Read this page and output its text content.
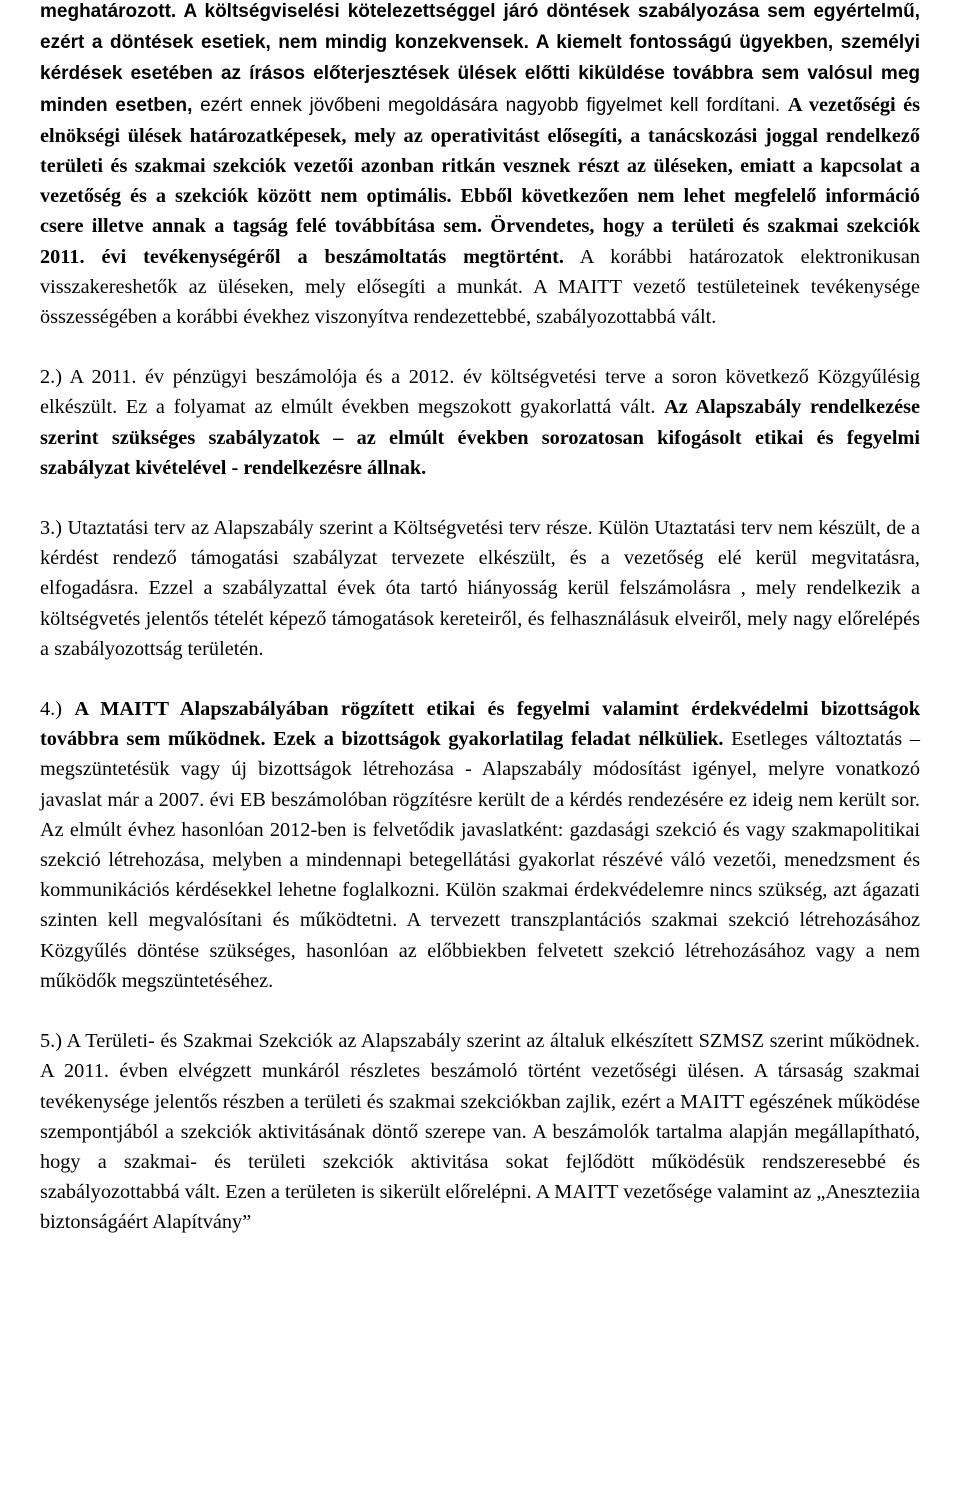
meghatározott. A költségviselési kötelezettséggel járó döntések szabályozása sem egyértelmű, ezért a döntések esetiek, nem mindig konzekvensek. A kiemelt fontosságú ügyekben, személyi kérdések esetében az írásos előterjesztések ülések előtti kiküldése továbbra sem valósul meg minden esetben, ezért ennek jövőbeni megoldására nagyobb figyelmet kell fordítani. A vezetőségi és elnökségi ülések határozatképesek, mely az operativitást elősegíti, a tanácskozási joggal rendelkező területi és szakmai szekciók vezetői azonban ritkán vesznek részt az üléseken, emiatt a kapcsolat a vezetőség és a szekciók között nem optimális. Ebből következően nem lehet megfelelő információ csere illetve annak a tagság felé továbbítása sem. Örvendetes, hogy a területi és szakmai szekciók 2011. évi tevékenységéről a beszámoltatás megtörtént. A korábbi határozatok elektronikusan visszakereshetők az üléseken, mely elősegíti a munkát. A MAITT vezető testületeinek tevékenysége összességében a korábbi évekhez viszonyítva rendezettebbé, szabályozottabbá vált.
2.) A 2011. év pénzügyi beszámolója és a 2012. év költségvetési terve a soron következő Közgyűlésig elkészült. Ez a folyamat az elmúlt években megszokott gyakorlattá vált. Az Alapszabály rendelkezése szerint szükséges szabályzatok – az elmúlt években sorozatosan kifogásolt etikai és fegyelmi szabályzat kivételével - rendelkezésre állnak.
3.) Utaztatási terv az Alapszabály szerint a Költségvetési terv része. Külön Utaztatási terv nem készült, de a kérdést rendező támogatási szabályzat tervezete elkészült, és a vezetőség elé kerül megvitatásra, elfogadásra. Ezzel a szabályzattal évek óta tartó hiányosság kerül felszámolásra , mely rendelkezik a költségvetés jelentős tételét képező támogatások kereteiről, és felhasználásuk elveiről, mely nagy előrelépés a szabályozottság területén.
4.) A MAITT Alapszabályában rögzített etikai és fegyelmi valamint érdekvédelmi bizottságok továbbra sem működnek. Ezek a bizottságok gyakorlatilag feladat nélküliek. Esetleges változtatás – megszüntetésük vagy új bizottságok létrehozása - Alapszabály módosítást igényel, melyre vonatkozó javaslat már a 2007. évi EB beszámolóban rögzítésre került de a kérdés rendezésére ez ideig nem került sor. Az elmúlt évhez hasonlóan 2012-ben is felvetődik javaslatként: gazdasági szekció és vagy szakmapolitikai szekció létrehozása, melyben a mindennapi betegellátási gyakorlat részévé váló vezetői, menedzsment és kommunikációs kérdésekkel lehetne foglalkozni. Külön szakmai érdekvédelemre nincs szükség, azt ágazati szinten kell megvalósítani és működtetni. A tervezett transzplantációs szakmai szekció létrehozásához Közgyűlés döntése szükséges, hasonlóan az előbbiekben felvetett szekció létrehozásához vagy a nem működők megszüntetéséhez.
5.) A Területi- és Szakmai Szekciók az Alapszabály szerint az általuk elkészített SZMSZ szerint működnek. A 2011. évben elvégzett munkáról részletes beszámoló történt vezetőségi ülésen. A társaság szakmai tevékenysége jelentős részben a területi és szakmai szekciókban zajlik, ezért a MAITT egészének működése szempontjából a szekciók aktivitásának döntő szerepe van. A beszámolók tartalma alapján megállapítható, hogy a szakmai- és területi szekciók aktivitása sokat fejlődött működésük rendszeresebbé és szabályozottabbá vált. Ezen a területen is sikerült előrelépni. A MAITT vezetősége valamint az „Aneszteziia biztonságáért Alapítvány”
